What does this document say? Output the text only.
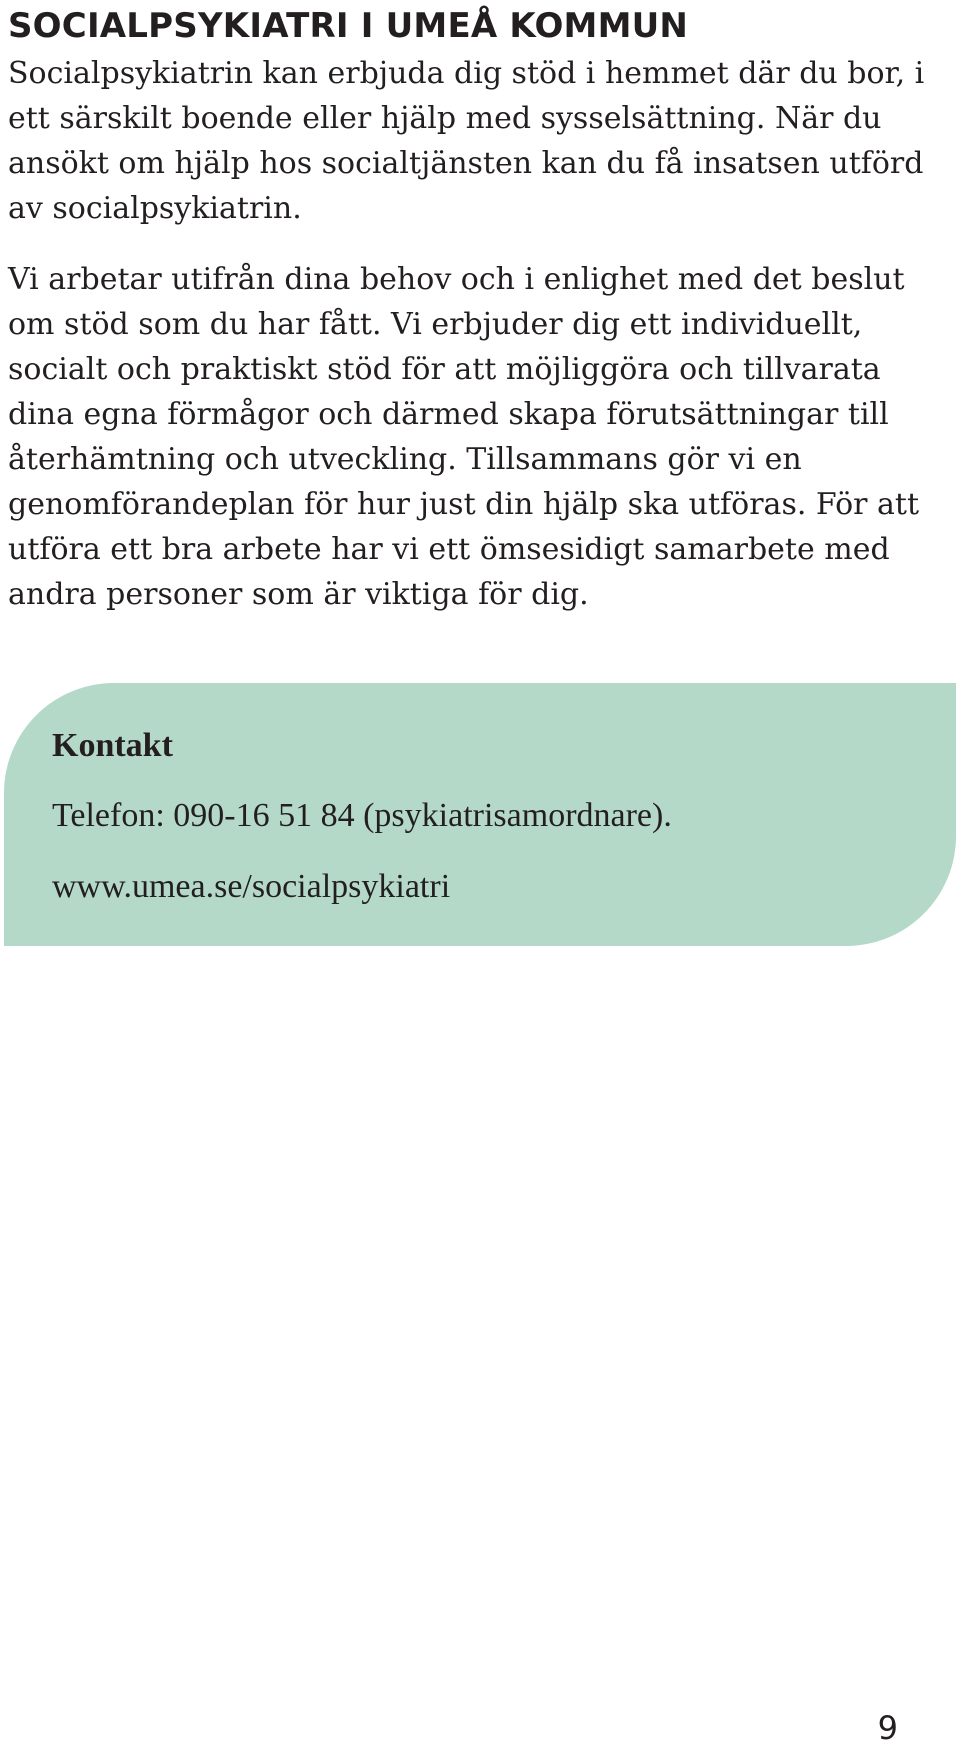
SOCIALPSYKIATRI I UMEÅ KOMMUN

Socialpsykiatrin kan erbjuda dig stöd i hemmet där du bor, i ett särskilt boende eller hjälp med sysselsättning. När du ansökt om hjälp hos socialtjänsten kan du få insatsen utförd av socialpsykiatrin.

Vi arbetar utifrån dina behov och i enlighet med det beslut om stöd som du har fått. Vi erbjuder dig ett individuellt, socialt och praktiskt stöd för att möjliggöra och tillvarata dina egna förmågor och därmed skapa förutsättningar till återhämtning och utveckling. Tillsammans gör vi en genomförandeplan för hur just din hjälp ska utföras. För att utföra ett bra arbete har vi ett ömsesidigt samarbete med andra personer som är viktiga för dig.

Kontakt

Telefon: 090-16 51 84 (psykiatrisamordnare).

www.umea.se/socialpsykiatri

9
